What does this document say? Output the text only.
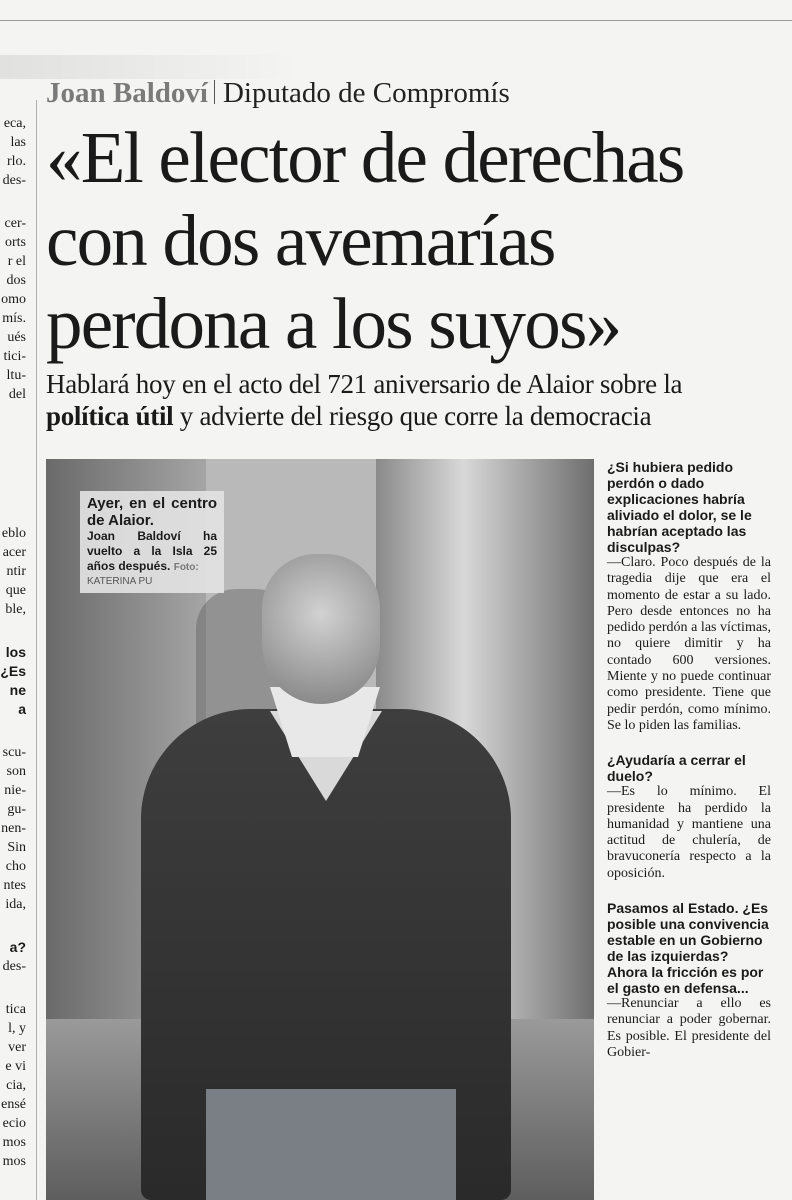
eca,
las
rlo.
des-
cer-
orts
r el
dos
omo
mís.
ués
tici-
ltu-
del
eblo
acer
ntir
que
ble,
los
¿Es
ne
a
scu-
son
nie-
gu-
nen-
Sin
cho
ntes
ida,
a?
des-
tica
l, y
ver
e vi
cia,
ensé
ecio
mos
mos
Joan Baldoví Diputado de Compromís
«El elector de derechas
con dos avemarías
perdona a los suyos»
Hablará hoy en el acto del 721 aniversario de Alaior sobre la
política útil y advierte del riesgo que corre la democracia
Ayer, en el centro de Alaior.
Joan Baldoví ha vuelto a la Isla 25 años después. Foto:
KATERINA PU

¿Si hubiera pedido perdón o dado explicaciones habría aliviado el dolor, se le habrían aceptado las disculpas?

—Claro. Poco después de la tragedia dije que era el momento de estar a su lado. Pero desde entonces no ha pedido perdón a las víctimas, no quiere dimitir y ha contado 600 versiones. Miente y no puede continuar como presidente. Tiene que pedir perdón, como mínimo. Se lo piden las familias.

¿Ayudaría a cerrar el duelo?

—Es lo mínimo. El presidente ha perdido la humanidad y mantiene una actitud de chulería, de bravuconería respecto a la oposición.

Pasamos al Estado. ¿Es posible una convivencia estable en un Gobierno de las izquierdas? Ahora la fricción es por el gasto en defensa...

—Renunciar a ello es renunciar a poder gobernar. Es posible. El presidente del Gobier-
